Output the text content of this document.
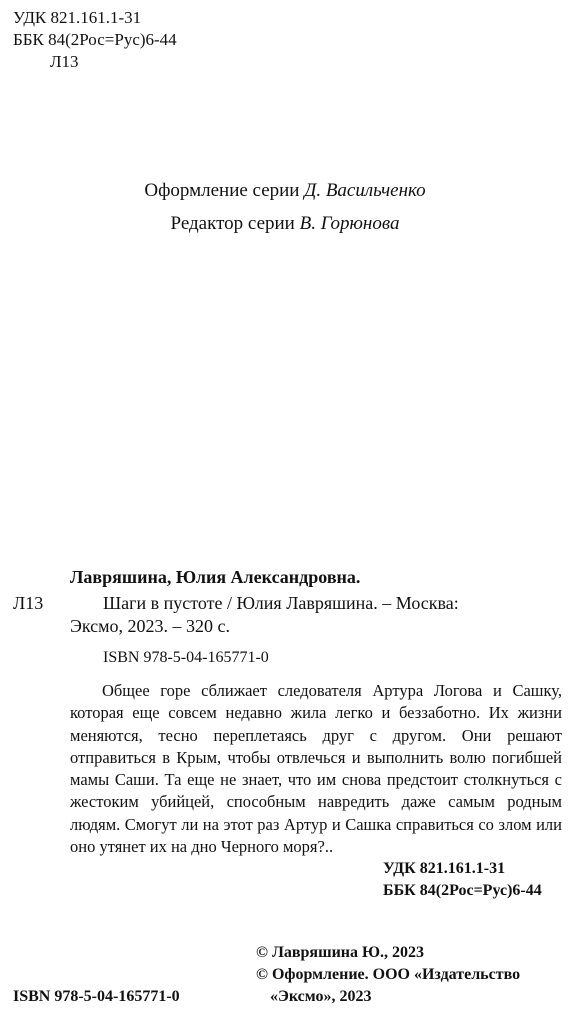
УДК 821.161.1-31
ББК 84(2Рос=Рус)6-44
Л13
Оформление серии Д. Васильченко
Редактор серии В. Горюнова
Лавряшина, Юлия Александровна.
Л13	Шаги в пустоте / Юлия Лавряшина. – Москва:
Эксмо, 2023. – 320 с.
ISBN 978-5-04-165771-0
Общее горе сближает следователя Артура Логова и Сашку, которая еще совсем недавно жила легко и беззаботно. Их жизни меняются, тесно переплетаясь друг с другом. Они решают отправиться в Крым, чтобы отвлечься и выполнить волю погибшей мамы Саши. Та еще не знает, что им снова предстоит столкнуться с жестоким убийцей, способным навредить даже самым родным людям. Смогут ли на этот раз Артур и Сашка справиться со злом или оно утянет их на дно Черного моря?..
УДК 821.161.1-31
ББК 84(2Рос=Рус)6-44
© Лавряшина Ю., 2023
© Оформление. ООО «Издательство
«Эксмо», 2023
ISBN 978-5-04-165771-0
